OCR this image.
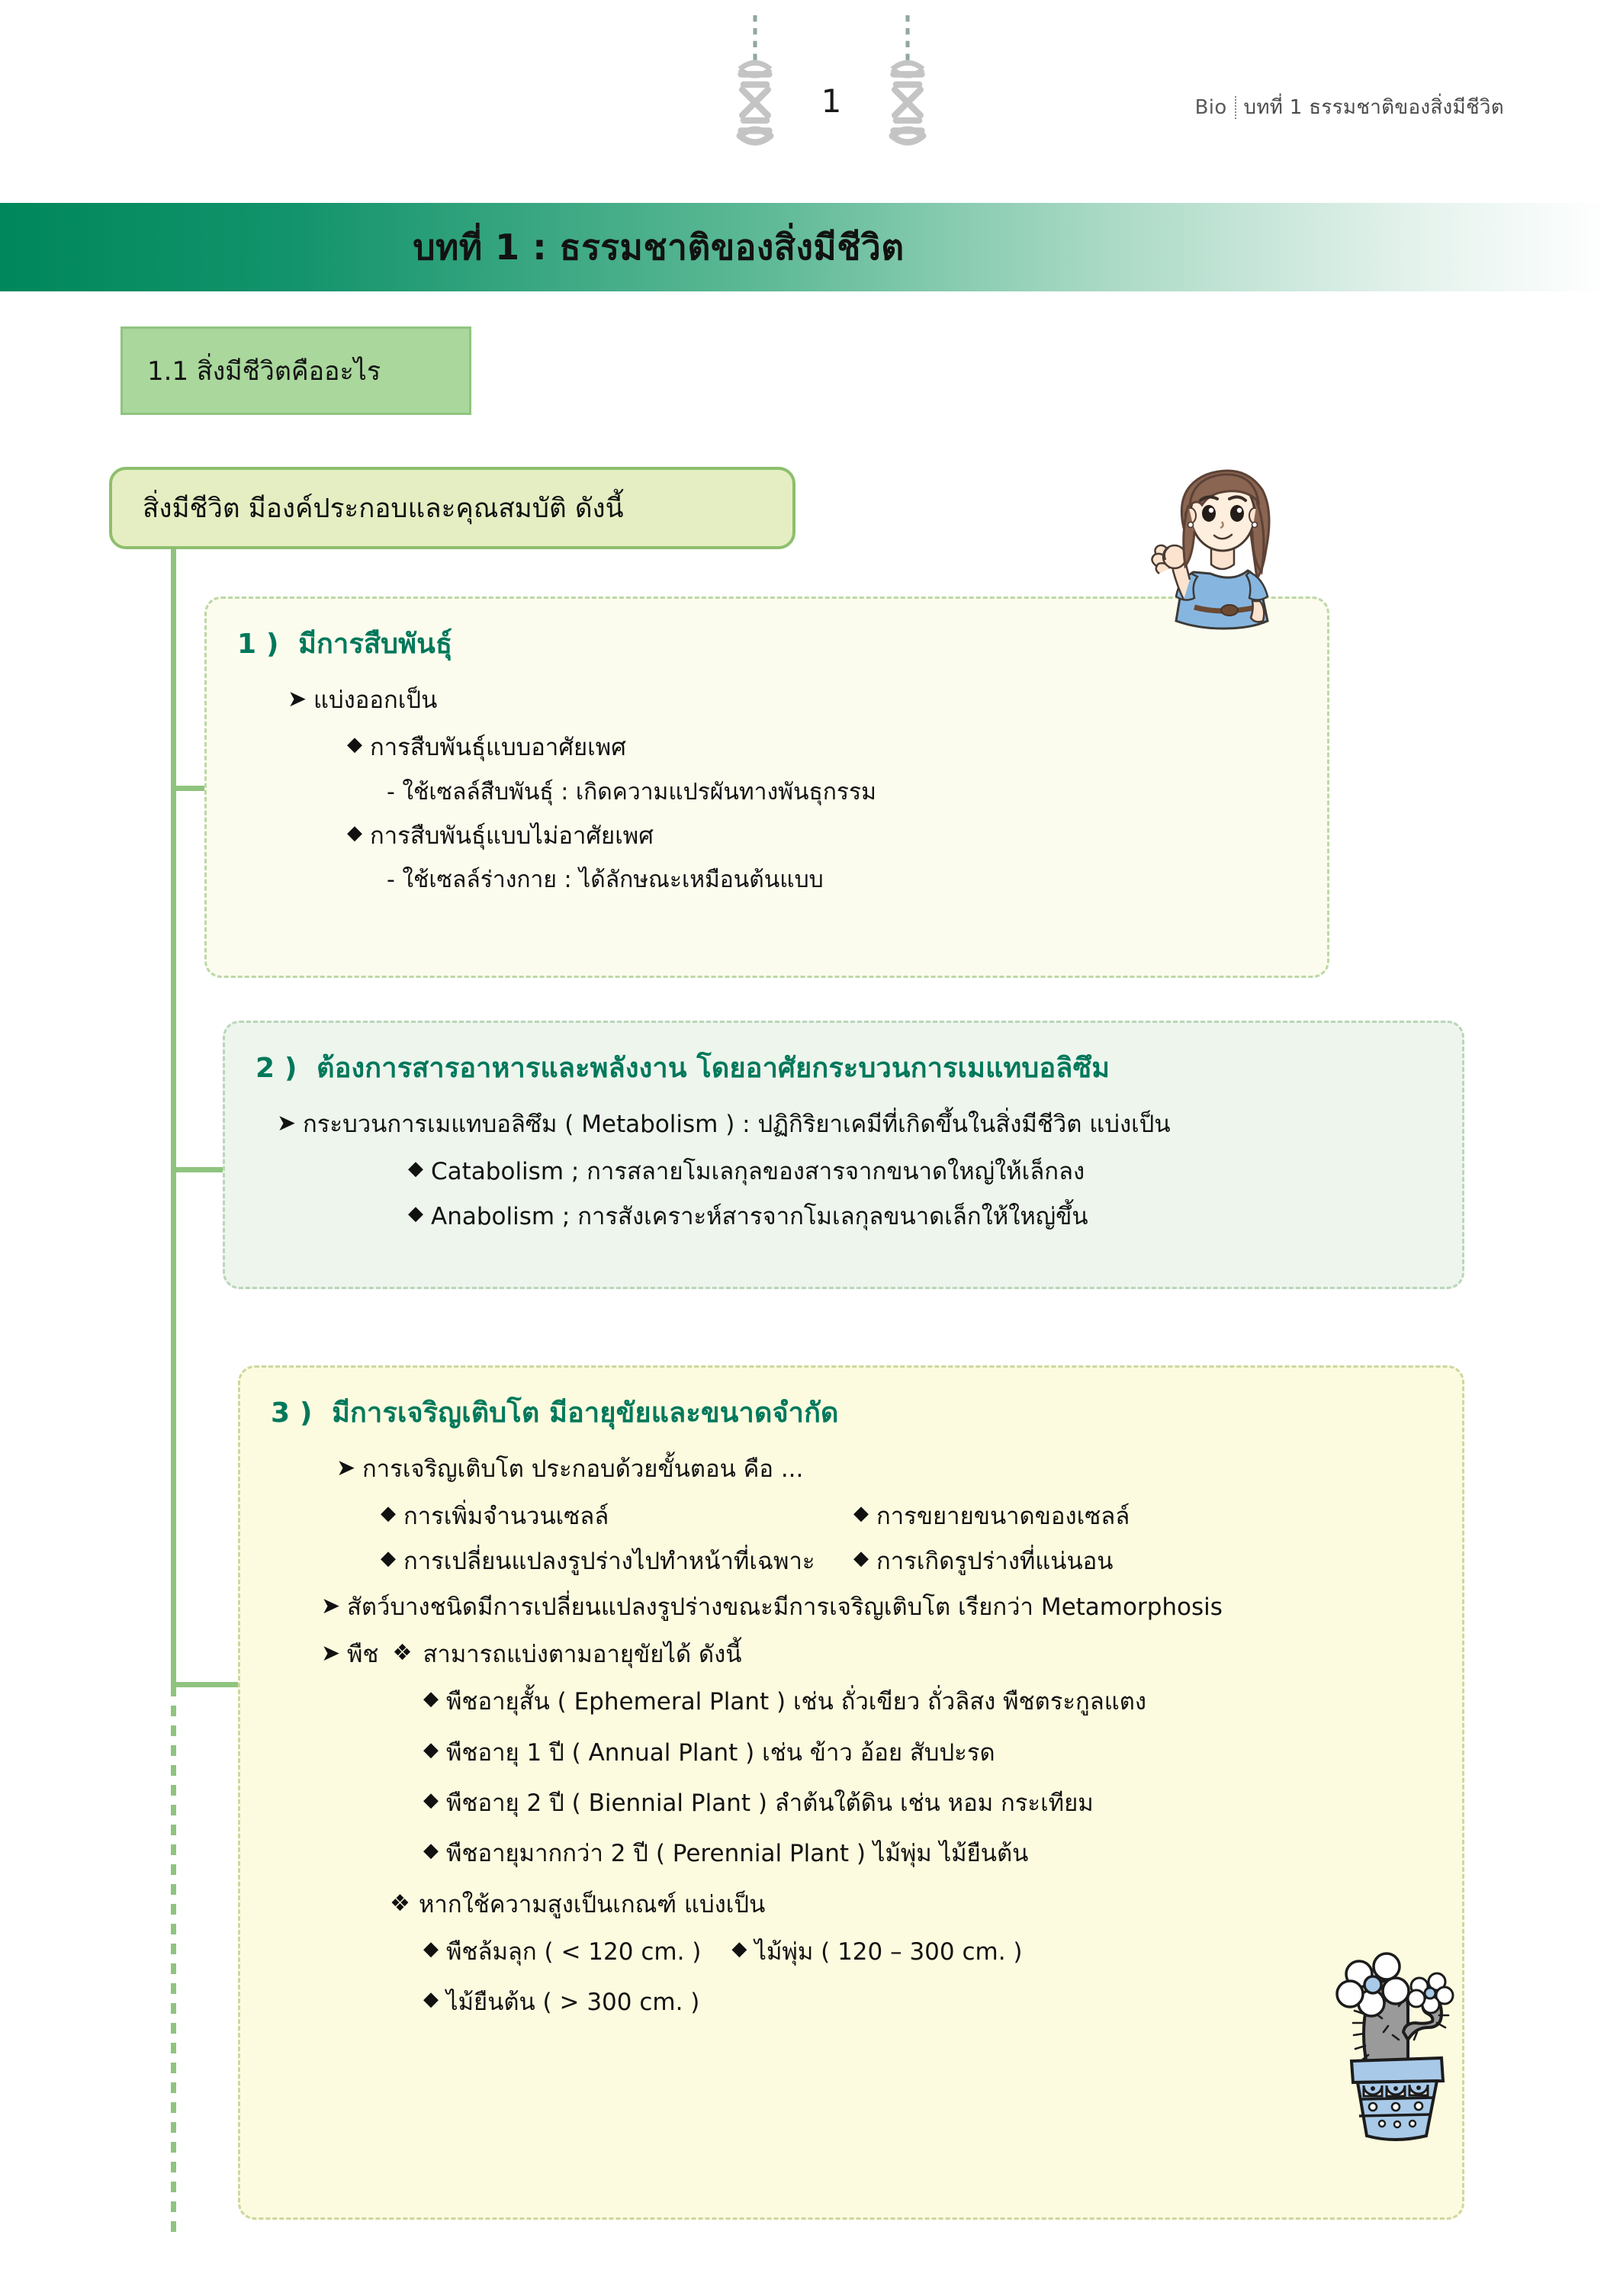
1	Bio บทที่ 1 ธรรมชาติของสิ่งมีชีวิต
บทที่ 1 : ธรรมชาติของสิ่งมีชีวิต
1.1 สิ่งมีชีวิตคืออะไร
สิ่งมีชีวิต มีองค์ประกอบและคุณสมบัติ ดังนี้
1 ) มีการสืบพันธุ์
➤ แบ่งออกเป็น
◆ การสืบพันธุ์แบบอาศัยเพศ
- ใช้เซลล์สืบพันธุ์ : เกิดความแปรผันทางพันธุกรรม
◆ การสืบพันธุ์แบบไม่อาศัยเพศ
- ใช้เซลล์ร่างกาย : ได้ลักษณะเหมือนต้นแบบ
2 ) ต้องการสารอาหารและพลังงาน โดยอาศัยกระบวนการเมแทบอลิซึม
➤ กระบวนการเมแทบอลิซึม ( Metabolism ) : ปฏิกิริยาเคมีที่เกิดขึ้นในสิ่งมีชีวิต แบ่งเป็น
◆ Catabolism ; การสลายโมเลกุลของสารจากขนาดใหญ่ให้เล็กลง
◆ Anabolism ; การสังเคราะห์สารจากโมเลกุลขนาดเล็กให้ใหญ่ขึ้น
3 ) มีการเจริญเติบโต มีอายุขัยและขนาดจำกัด
➤ การเจริญเติบโต ประกอบด้วยขั้นตอน คือ ...
◆ การเพิ่มจำนวนเซลล์	◆ การขยายขนาดของเซลล์
◆ การเปลี่ยนแปลงรูปร่างไปทำหน้าที่เฉพาะ ◆ การเกิดรูปร่างที่แน่นอน
➤ สัตว์บางชนิดมีการเปลี่ยนแปลงรูปร่างขณะมีการเจริญเติบโต เรียกว่า Metamorphosis
➤ พืช ❖ สามารถแบ่งตามอายุขัยได้ ดังนี้
◆ พืชอายุสั้น ( Ephemeral Plant ) เช่น ถั่วเขียว ถั่วลิสง พืชตระกูลแตง
◆ พืชอายุ 1 ปี ( Annual Plant ) เช่น ข้าว อ้อย สับปะรด
◆ พืชอายุ 2 ปี ( Biennial Plant ) ลำต้นใต้ดิน เช่น หอม กระเทียม
◆ พืชอายุมากกว่า 2 ปี ( Perennial Plant ) ไม้พุ่ม ไม้ยืนต้น
❖ หากใช้ความสูงเป็นเกณฑ์ แบ่งเป็น
◆ พืชล้มลุก ( < 120 cm. ) ◆ ไม้พุ่ม ( 120 – 300 cm. )
◆ ไม้ยืนต้น ( > 300 cm. )
